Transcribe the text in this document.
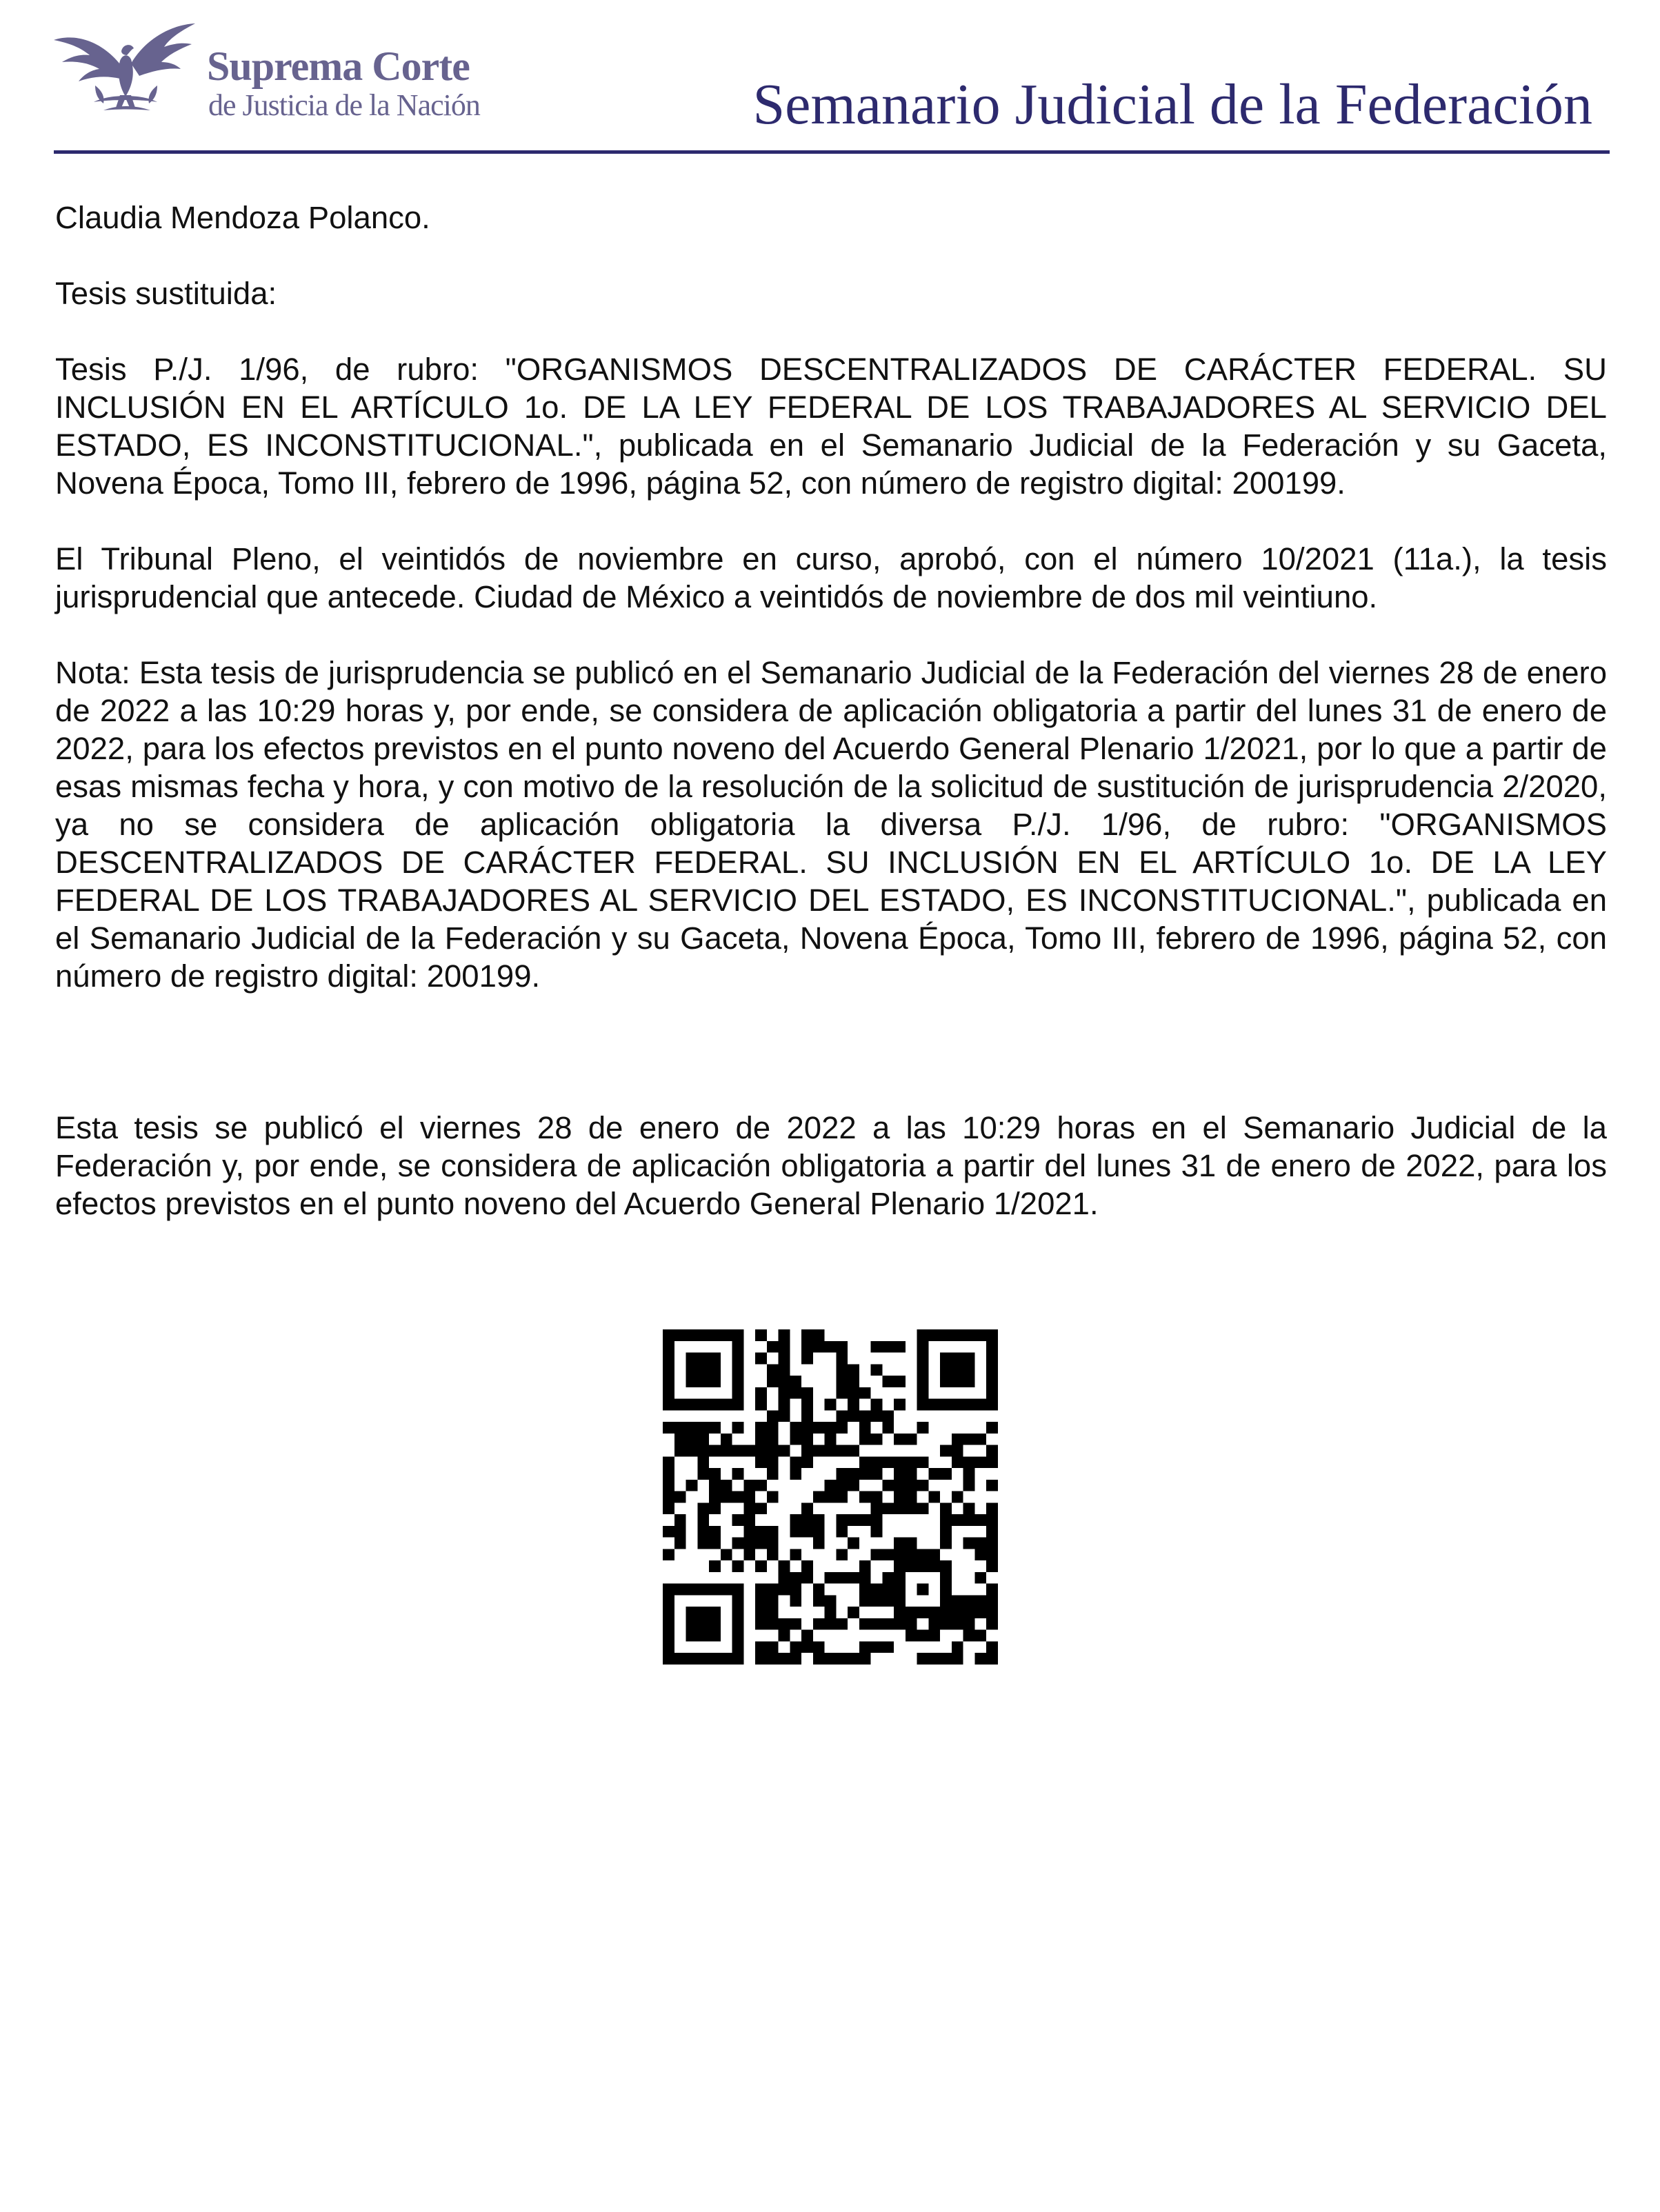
Suprema Corte
de Justicia de la Nación	Semanario Judicial de la Federación

Claudia Mendoza Polanco.

Tesis sustituida:

Tesis P./J. 1/96, de rubro: "ORGANISMOS DESCENTRALIZADOS DE CARÁCTER FEDERAL. SU INCLUSIÓN EN EL ARTÍCULO 1o. DE LA LEY FEDERAL DE LOS TRABAJADORES AL SERVICIO DEL ESTADO, ES INCONSTITUCIONAL.", publicada en el Semanario Judicial de la Federación y su Gaceta, Novena Época, Tomo III, febrero de 1996, página 52, con número de registro digital: 200199.

El Tribunal Pleno, el veintidós de noviembre en curso, aprobó, con el número 10/2021 (11a.), la tesis jurisprudencial que antecede. Ciudad de México a veintidós de noviembre de dos mil veintiuno.

Nota: Esta tesis de jurisprudencia se publicó en el Semanario Judicial de la Federación del viernes 28 de enero de 2022 a las 10:29 horas y, por ende, se considera de aplicación obligatoria a partir del lunes 31 de enero de 2022, para los efectos previstos en el punto noveno del Acuerdo General Plenario 1/2021, por lo que a partir de esas mismas fecha y hora, y con motivo de la resolución de la solicitud de sustitución de jurisprudencia 2/2020, ya no se considera de aplicación obligatoria la diversa P./J. 1/96, de rubro: "ORGANISMOS DESCENTRALIZADOS DE CARÁCTER FEDERAL. SU INCLUSIÓN EN EL ARTÍCULO 1o. DE LA LEY FEDERAL DE LOS TRABAJADORES AL SERVICIO DEL ESTADO, ES INCONSTITUCIONAL.", publicada en el Semanario Judicial de la Federación y su Gaceta, Novena Época, Tomo III, febrero de 1996, página 52, con número de registro digital: 200199.

Esta tesis se publicó el viernes 28 de enero de 2022 a las 10:29 horas en el Semanario Judicial de la Federación y, por ende, se considera de aplicación obligatoria a partir del lunes 31 de enero de 2022, para los efectos previstos en el punto noveno del Acuerdo General Plenario 1/2021.
